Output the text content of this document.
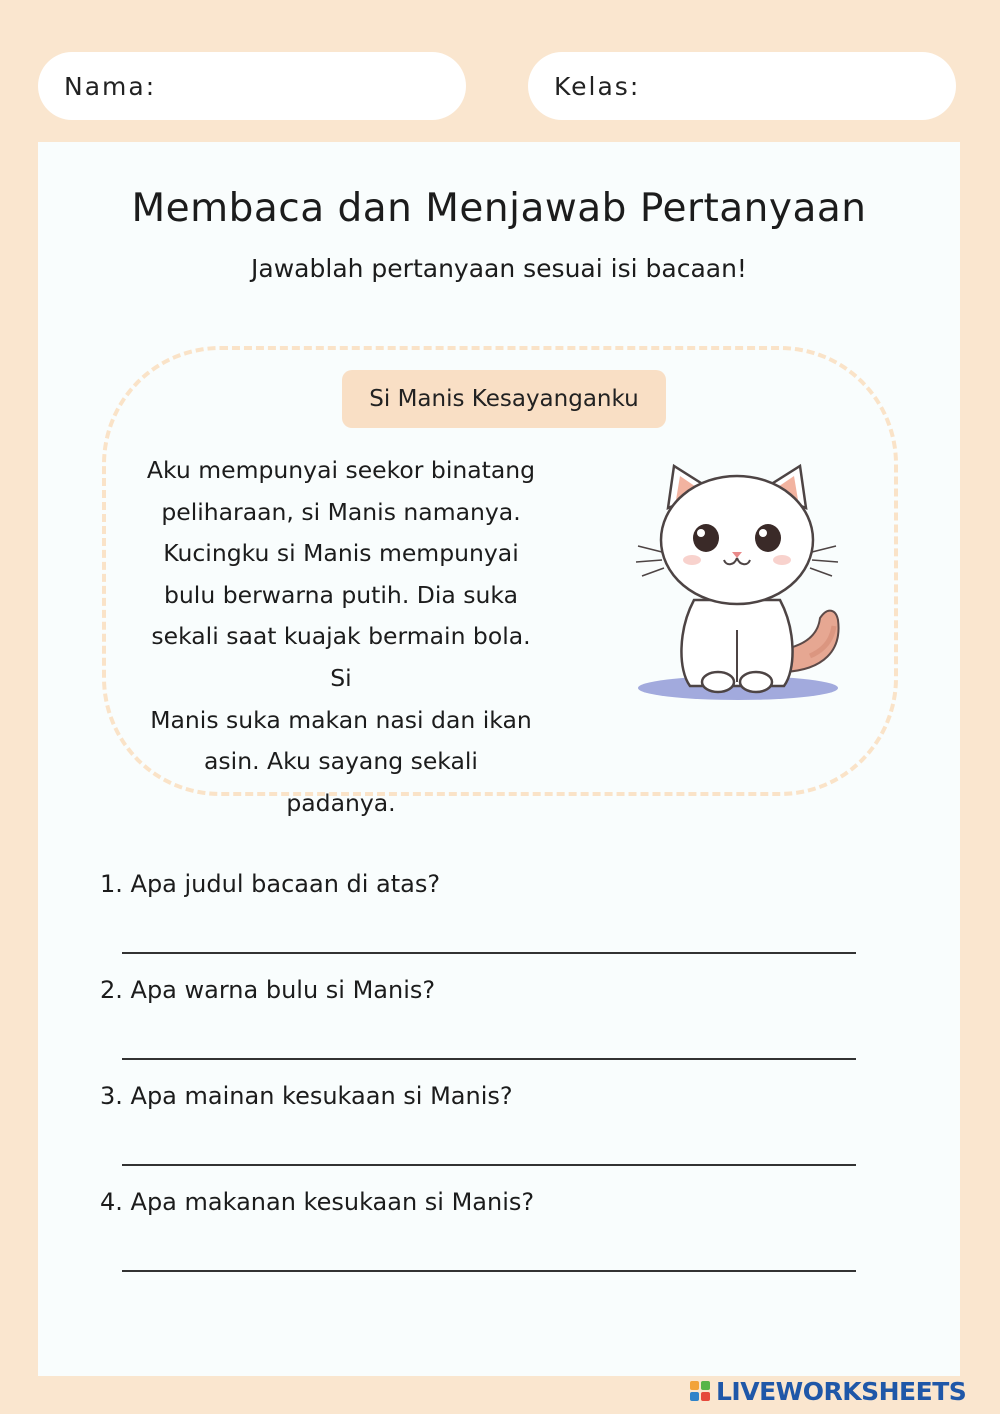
Nama:	Kelas:
Membaca dan Menjawab Pertanyaan
Jawablah pertanyaan sesuai isi bacaan!
Si Manis Kesayanganku

Aku mempunyai seekor binatang
peliharaan, si Manis namanya.
Kucingku si Manis mempunyai
bulu berwarna putih. Dia suka
sekali saat kuajak bermain bola. Si
Manis suka makan nasi dan ikan
asin. Aku sayang sekali padanya.

1. Apa judul bacaan di atas?
2. Apa warna bulu si Manis?
3. Apa mainan kesukaan si Manis?
4. Apa makanan kesukaan si Manis?
LIVEWORKSHEETS
